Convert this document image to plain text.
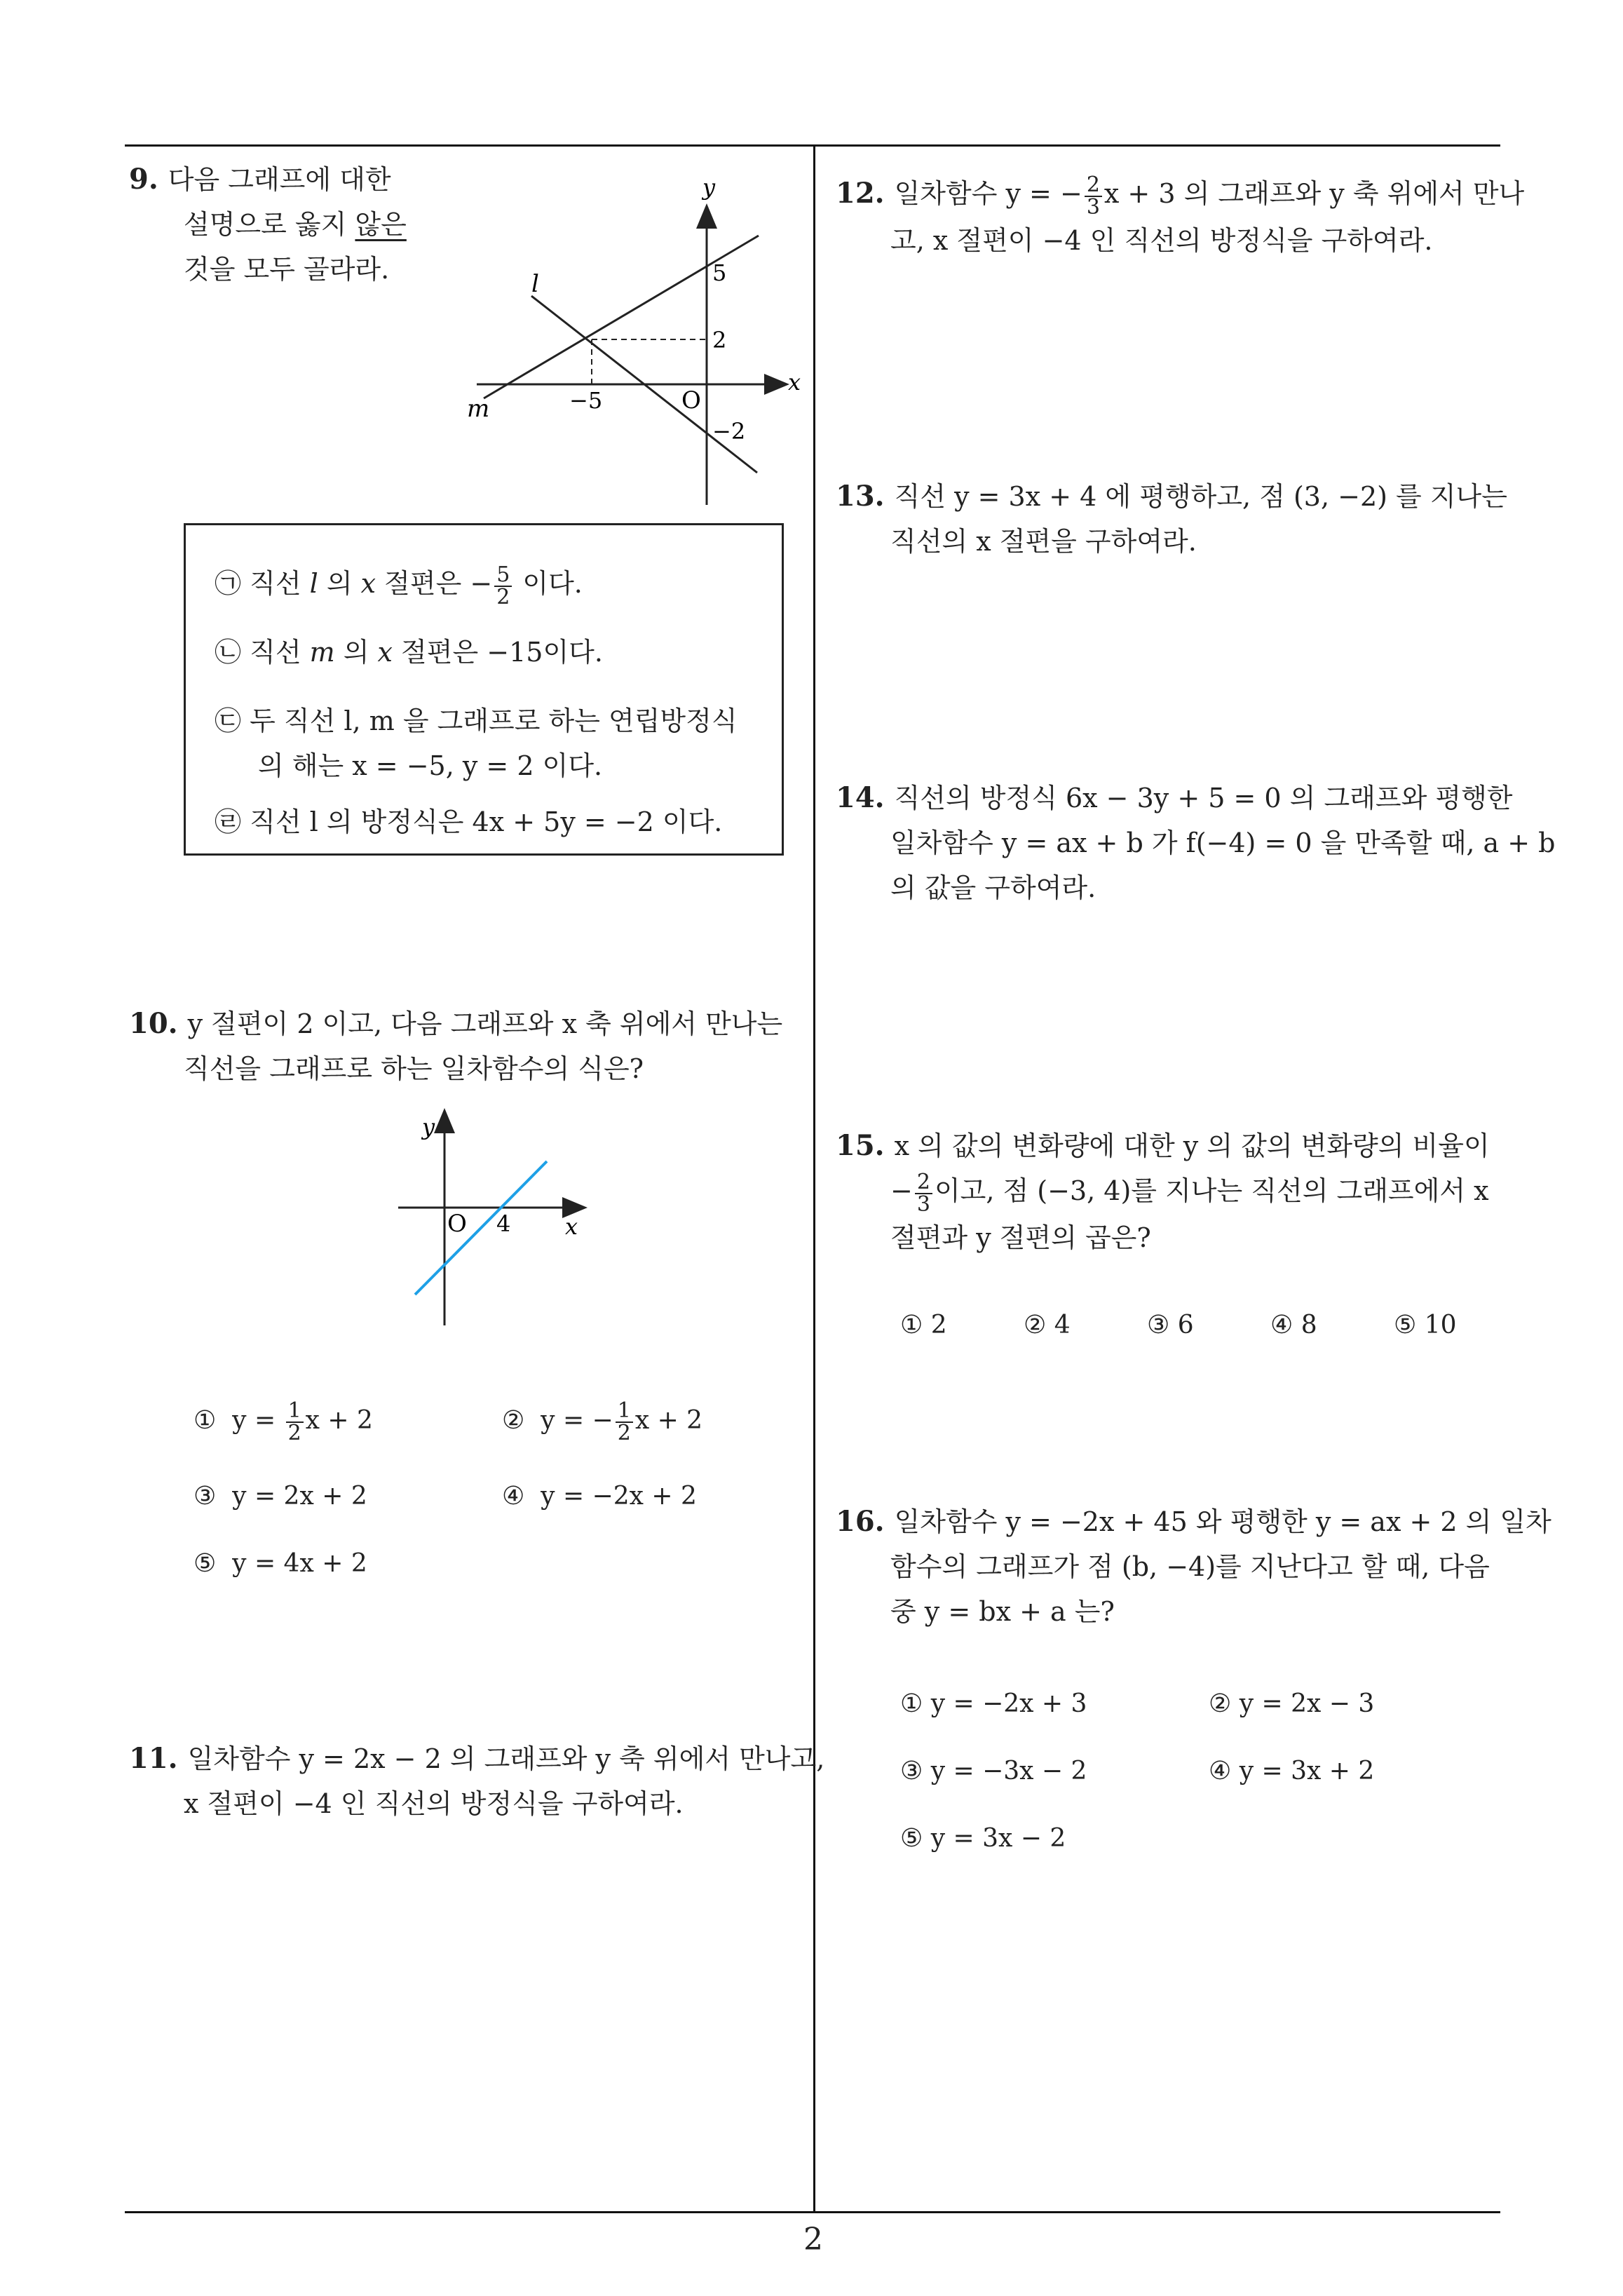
9. 다음 그래프에 대한
설명으로 옳지 않은
것을 모두 골라라.
y
x
l
m	O
5
2
−5
−2
㉠ 직선 l 의 x 절편은 − $\frac{5}{2}$ 이다.
㉡ 직선 m 의 x 절편은 −15이다.
㉢ 두 직선 l, m 을 그래프로 하는 연립방정식
의 해는 x = −5, y = 2 이다.
㉣ 직선 l 의 방정식은 4x + 5y = −2 이다.
10. y 절편이 2 이고, 다음 그래프와 x 축 위에서 만나는
직선을 그래프로 하는 일차함수의 식은?
y
x
O 4
① $y = \frac{1}{2}$ x + 2	② y = − $\frac{1}{2}$ x + 2
③ y = 2x + 2	④ y = −2x + 2
⑤ y = 4x + 2
11. 일차함수 y = 2x − 2 의 그래프와 y 축 위에서 만나고,
x 절편이 −4 인 직선의 방정식을 구하여라.
12. 일차함수 y = − $\frac{2}{3}$ x + 3 의 그래프와 y 축 위에서 만나
고, x 절편이 −4 인 직선의 방정식을 구하여라.
13. 직선 y = 3x + 4 에 평행하고, 점 (3, −2) 를 지나는
직선의 x 절편을 구하여라.
14. 직선의 방정식 6x − 3y + 5 = 0 의 그래프와 평행한
일차함수 y = ax + b 가 f(−4) = 0 을 만족할 때, a + b
의 값을 구하여라.
15. x 의 값의 변화량에 대한 y 의 값의 변화량의 비율이
− $\frac{2}{3}$ 이고, 점 (−3, 4)를 지나는 직선의 그래프에서 x
절편과 y 절편의 곱은?
① 2	② 4	③ 6	④ 8	⑤ 10
16. 일차함수 y = −2x + 45 와 평행한 y = ax + 2 의 일차
함수의 그래프가 점 (b, −4)를 지난다고 할 때, 다음
중 y = bx + a 는?
① y = −2x + 3	② y = 2x − 3
③ y = −3x − 2	④ y = 3x + 2
⑤ y = 3x − 2
2
